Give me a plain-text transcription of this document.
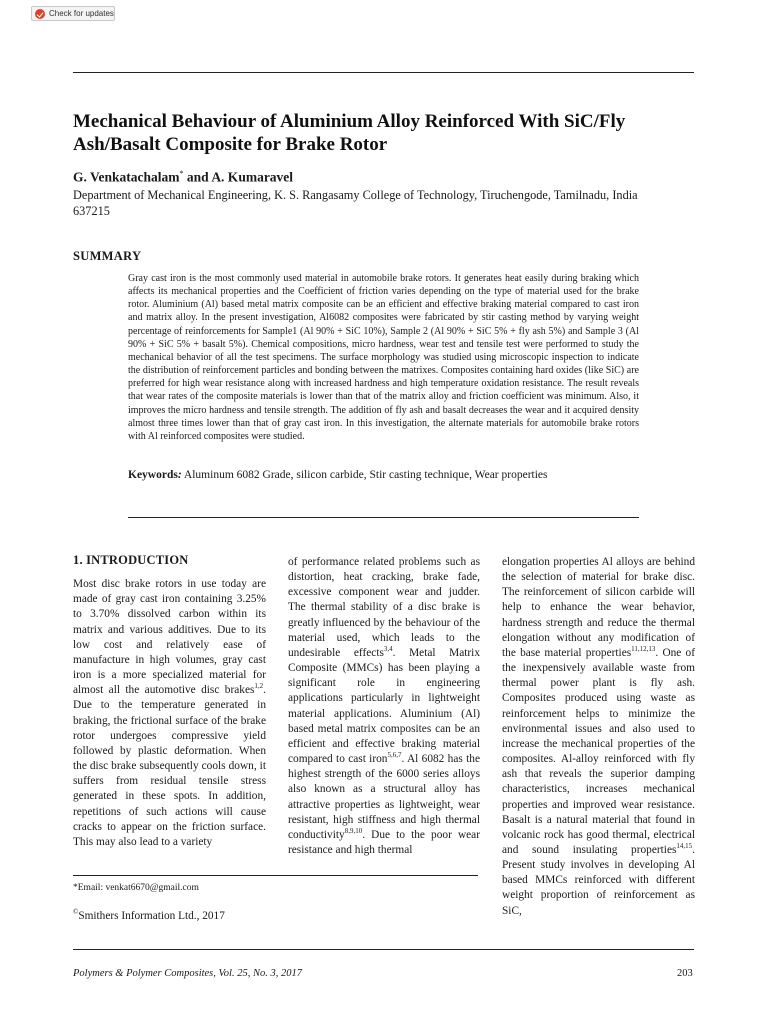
Check for updates
Mechanical Behaviour of Aluminium Alloy Reinforced With SiC/Fly Ash/Basalt Composite for Brake Rotor
G. Venkatachalam* and A. Kumaravel
Department of Mechanical Engineering, K. S. Rangasamy College of Technology, Tiruchengode, Tamilnadu, India 637215
SUMMARY
Gray cast iron is the most commonly used material in automobile brake rotors. It generates heat easily during braking which affects its mechanical properties and the Coefficient of friction varies depending on the type of material used for the brake rotor. Aluminium (Al) based metal matrix composite can be an efficient and effective braking material compared to cast iron and matrix alloy. In the present investigation, Al6082 composites were fabricated by stir casting method by varying weight percentage of reinforcements for Sample1 (Al 90% + SiC 10%), Sample 2 (Al 90% + SiC 5% + fly ash 5%) and Sample 3 (Al 90% + SiC 5% + basalt 5%). Chemical compositions, micro hardness, wear test and tensile test were performed to study the mechanical behavior of all the test specimens. The surface morphology was studied using microscopic inspection to indicate the distribution of reinforcement particles and bonding between the matrixes. Composites containing hard oxides (like SiC) are preferred for high wear resistance along with increased hardness and high temperature oxidation resistance. The result reveals that wear rates of the composite materials is lower than that of the matrix alloy and friction coefficient was minimum. Also, it improves the micro hardness and tensile strength. The addition of fly ash and basalt decreases the wear and it acquired density almost three times lower than that of gray cast iron. In this investigation, the alternate materials for automobile brake rotors with Al reinforced composites were studied.
Keywords: Aluminum 6082 Grade, silicon carbide, Stir casting technique, Wear properties

1. INTRODUCTION

Most disc brake rotors in use today are made of gray cast iron containing 3.25% to 3.70% dissolved carbon within its matrix and various additives. Due to its low cost and relatively ease of manufacture in high volumes, gray cast iron is a more specialized material for almost all the automotive disc brakes$^{1,2}$. Due to the temperature generated in braking, the frictional surface of the brake rotor undergoes compressive yield followed by plastic deformation. When the disc brake subsequently cools down, it suffers from residual tensile stress generated in these spots. In addition, repetitions of such actions will cause cracks to appear on the friction surface. This may also lead to a variety

of performance related problems such as distortion, heat cracking, brake fade, excessive component wear and judder. The thermal stability of a disc brake is greatly influenced by the behaviour of the material used, which leads to the undesirable effects$^{3,4}$. Metal Matrix Composite (MMCs) has been playing a significant role in engineering applications particularly in lightweight material applications. Aluminium (Al) based metal matrix composites can be an efficient and effective braking material compared to cast iron$^{5,6,7}$. Al 6082 has the highest strength of the 6000 series alloys also known as a structural alloy has attractive properties as lightweight, wear resistant, high stiffness and high thermal conductivity$^{8,9,10}$. Due to the poor wear resistance and high thermal

elongation properties Al alloys are behind the selection of material for brake disc. The reinforcement of silicon carbide will help to enhance the wear behavior, hardness strength and reduce the thermal elongation without any modification of the base material properties$^{11,12,13}$. One of the inexpensively available waste from thermal power plant is fly ash. Composites produced using waste as reinforcement helps to minimize the environmental issues and also used to increase the mechanical properties of the composites. Al-alloy reinforced with fly ash that reveals the superior damping characteristics, increases mechanical properties and improved wear resistance. Basalt is a natural material that found in volcanic rock has good thermal, electrical and sound insulating properties$^{14,15}$. Present study involves in developing Al based MMCs reinforced with different weight proportion of reinforcement as SiC,

*Email: venkat6670@gmail.com
©Smithers Information Ltd., 2017
Polymers & Polymer Composites, Vol. 25, No. 3, 2017	203
